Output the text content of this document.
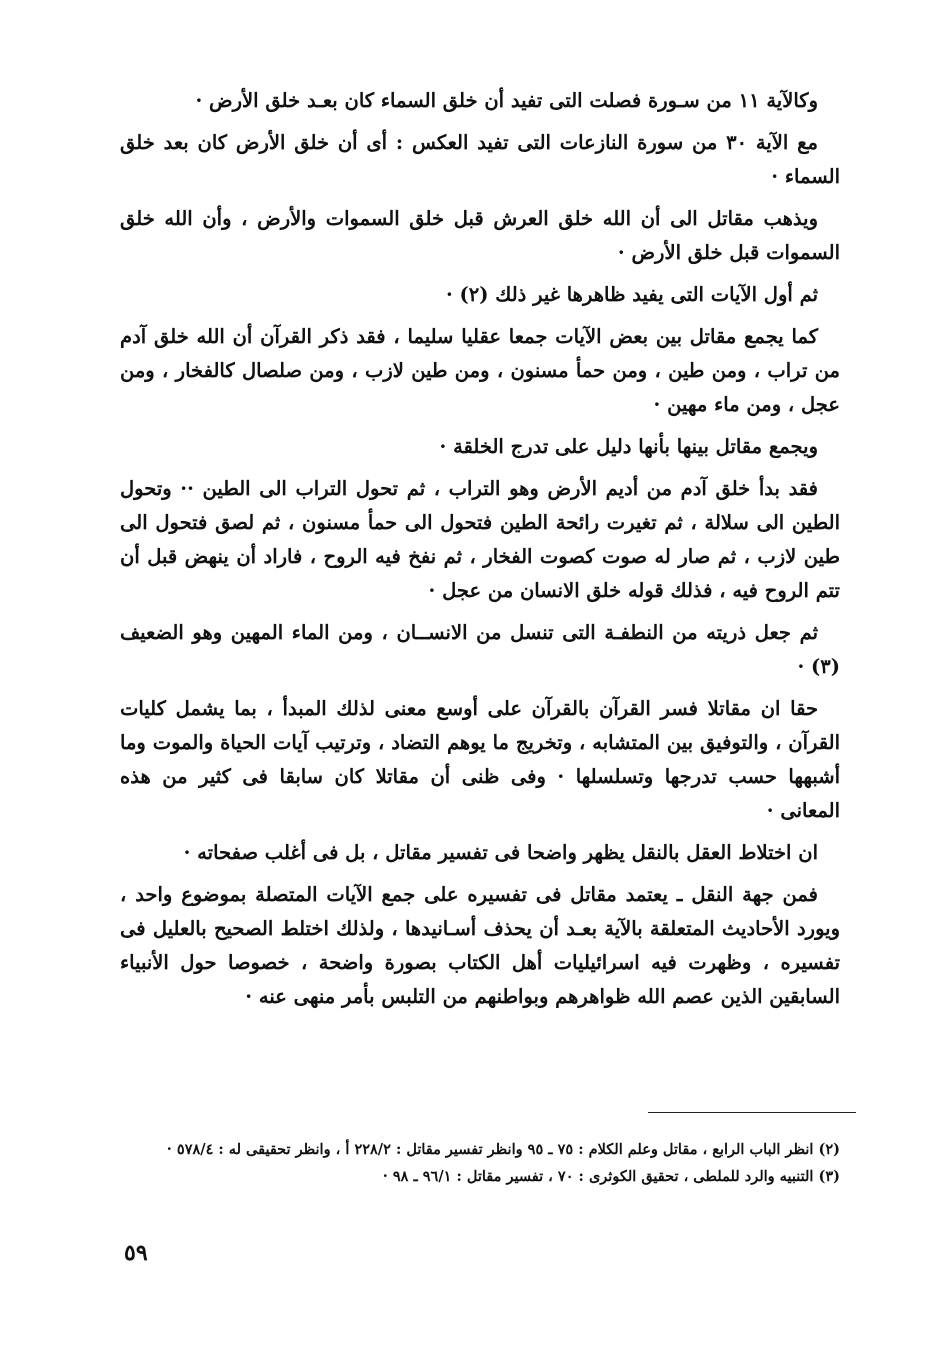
وكالآية ١١ من سـورة فصلت التى تفيد أن خلق السماء كان بعـد خلق الأرض ·

مع الآية ٣٠ من سورة النازعات التى تفيد العكس : أى أن خلق الأرض كان بعد خلق السماء ·

ويذهب مقاتل الى أن الله خلق العرش قبل خلق السموات والأرض ، وأن الله خلق السموات قبل خلق الأرض ·

ثم أول الآيات التى يفيد ظاهرها غير ذلك (٢) ·

كما يجمع مقاتل بين بعض الآيات جمعا عقليا سليما ، فقد ذكر القرآن أن الله خلق آدم من تراب ، ومن طين ، ومن حمأ مسنون ، ومن طين لازب ، ومن صلصال كالفخار ، ومن عجل ، ومن ماء مهين ·

ويجمع مقاتل بينها بأنها دليل على تدرج الخلقة ·

فقد بدأ خلق آدم من أديم الأرض وهو التراب ، ثم تحول التراب الى الطين ·· وتحول الطين الى سلالة ، ثم تغيرت رائحة الطين فتحول الى حمأ مسنون ، ثم لصق فتحول الى طين لازب ، ثم صار له صوت كصوت الفخار ، ثم نفخ فيه الروح ، فاراد أن ينهض قبل أن تتم الروح فيه ، فذلك قوله خلق الانسان من عجل ·

ثم جعل ذريته من النطفـة التى تنسل من الانســان ، ومن الماء المهين وهو الضعيف (٣) ·

حقا ان مقاتلا فسر القرآن بالقرآن على أوسع معنى لذلك المبدأ ، بما يشمل كليات القرآن ، والتوفيق بين المتشابه ، وتخريج ما يوهم التضاد ، وترتيب آيات الحياة والموت وما أشبهها حسب تدرجها وتسلسلها · وفى ظنى أن مقاتلا كان سابقا فى كثير من هذه المعانى ·

ان اختلاط العقل بالنقل يظهر واضحا فى تفسير مقاتل ، بل فى أغلب صفحاته ·

فمن جهة النقل ـ يعتمد مقاتل فى تفسيره على جمع الآيات المتصلة بموضوع واحد ، ويورد الأحاديث المتعلقة بالآية بعـد أن يحذف أسـانيدها ، ولذلك اختلط الصحيح بالعليل فى تفسيره ، وظهرت فيه اسرائيليات أهل الكتاب بصورة واضحة ، خصوصا حول الأنبياء السابقين الذين عصم الله ظواهرهم وبواطنهم من التلبس بأمر منهى عنه ·

(٢) انظر الباب الرابع ، مقاتل وعلم الكلام : ٧٥ ـ ٩٥ وانظر تفسير مقاتل : ٢٢٨/٢ أ ، وانظر تحقيقى له : ٥٧٨/٤ ·

(٣) التنبيه والرد للملطى ، تحقيق الكوثرى : ٧٠ ، تفسير مقاتل : ٩٦/١ ـ ٩٨ ·

٥٩
